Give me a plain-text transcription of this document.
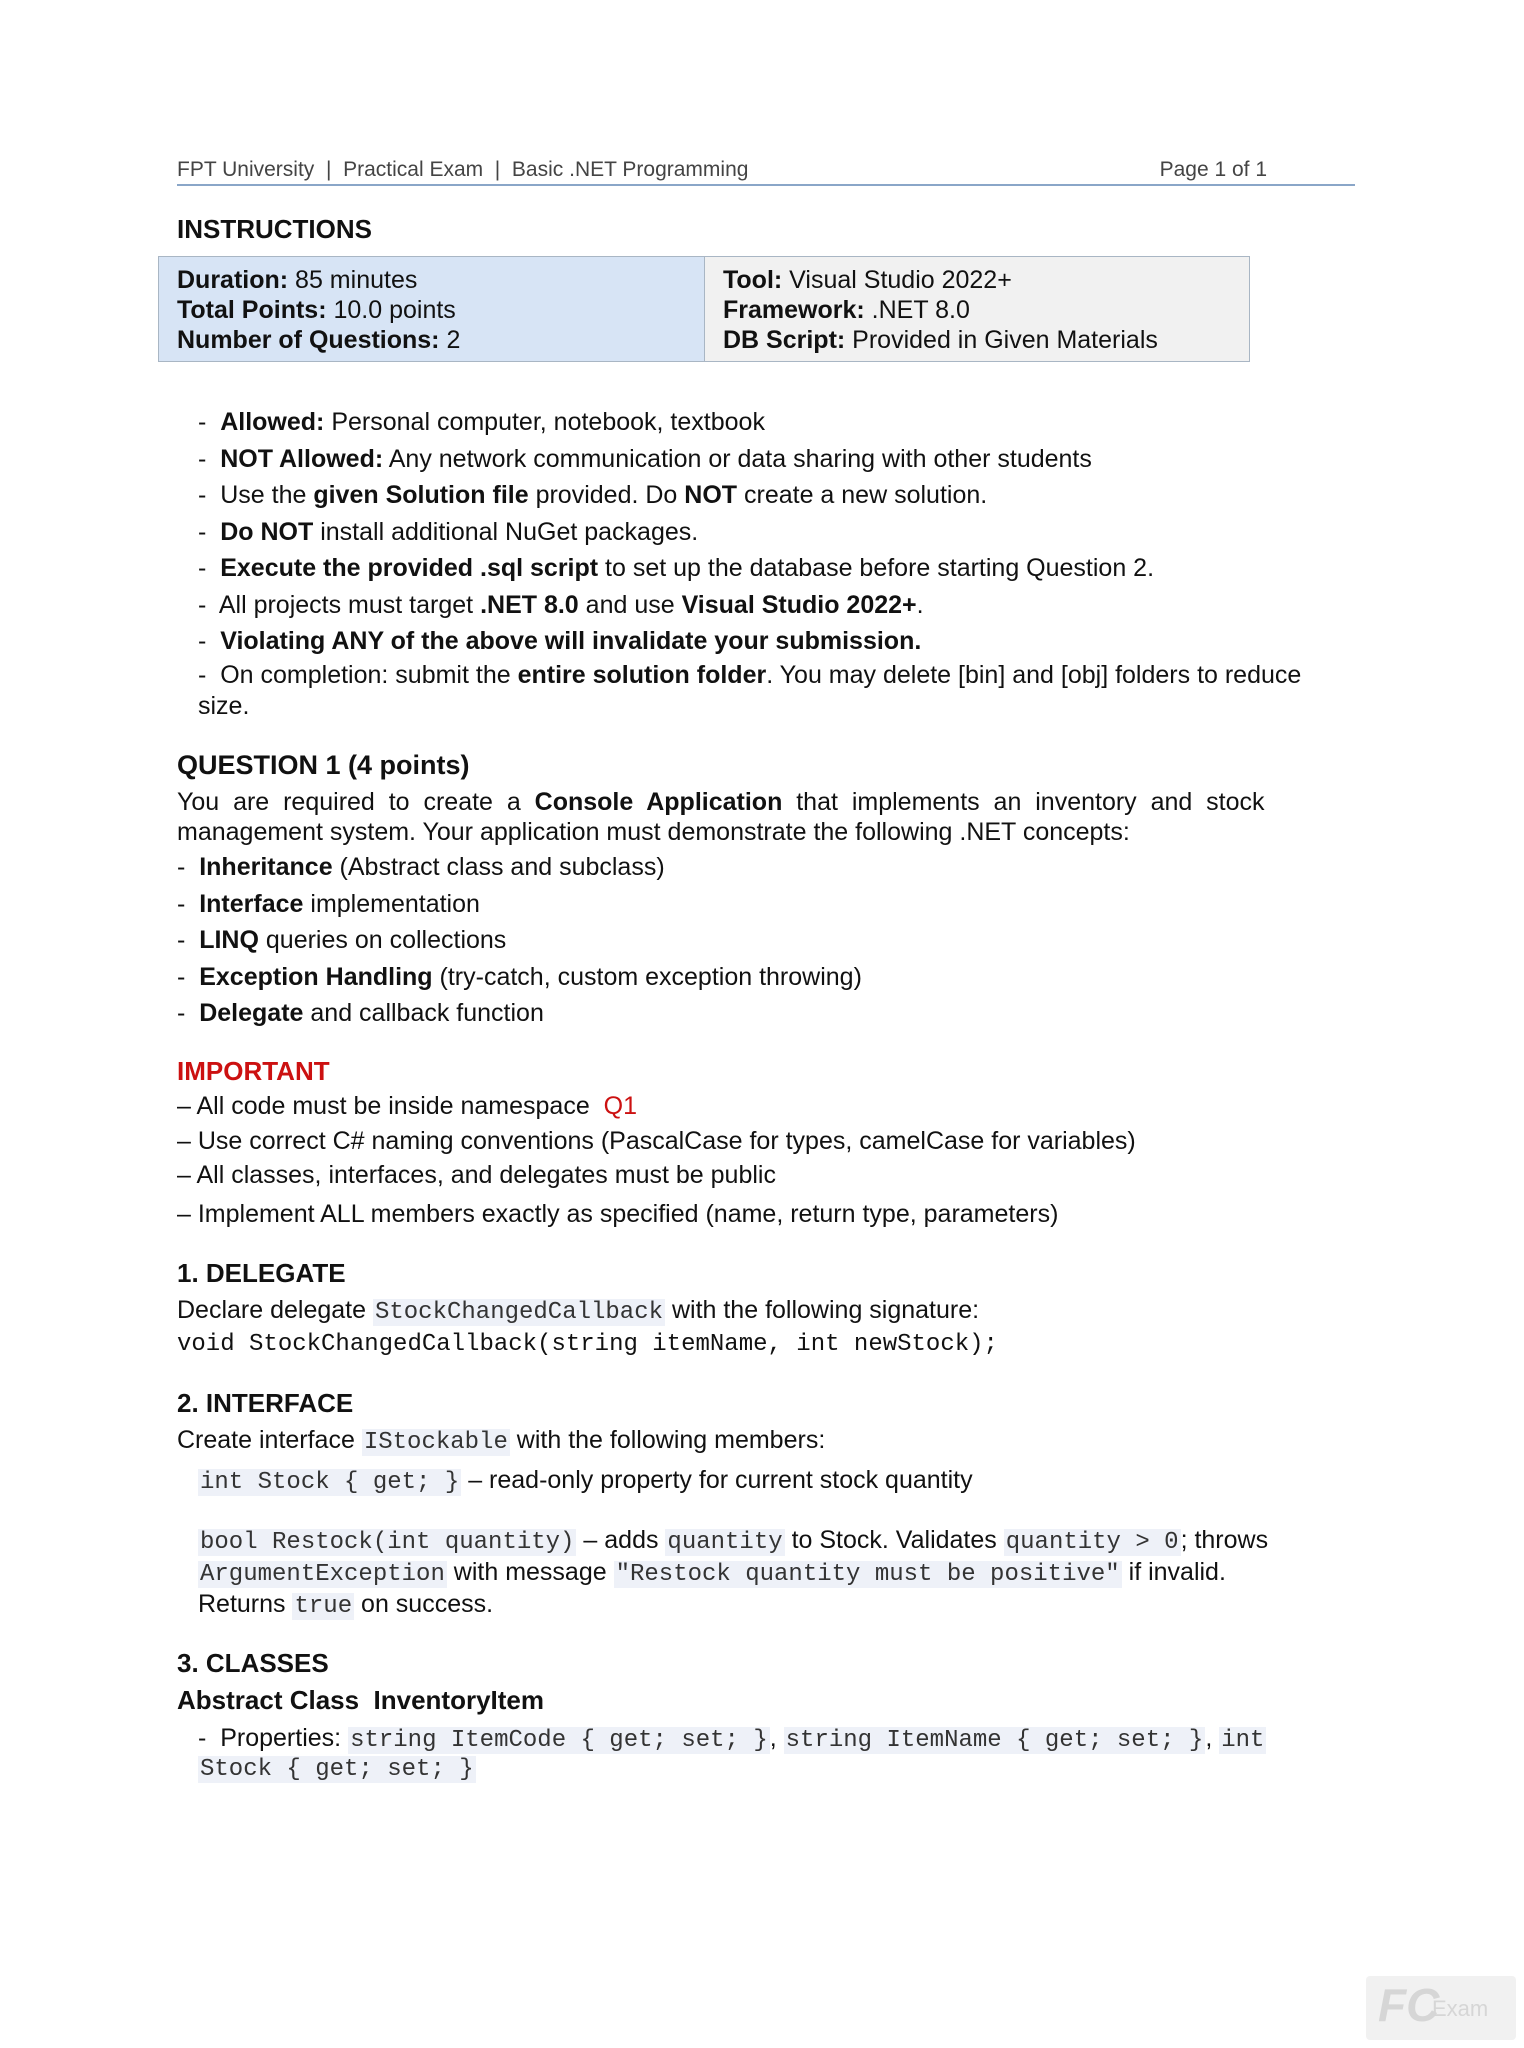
FPT University  |  Practical Exam  |  Basic .NET Programming	Page 1 of 1
INSTRUCTIONS
Duration: 85 minutes
Total Points: 10.0 points
Number of Questions: 2
Tool: Visual Studio 2022+
Framework: .NET 8.0
DB Script: Provided in Given Materials
-  Allowed: Personal computer, notebook, textbook
-  NOT Allowed: Any network communication or data sharing with other students
-  Use the given Solution file provided. Do NOT create a new solution.
-  Do NOT install additional NuGet packages.
-  Execute the provided .sql script to set up the database before starting Question 2.
-  All projects must target .NET 8.0 and use Visual Studio 2022+.
-  Violating ANY of the above will invalidate your submission.
-  On completion: submit the entire solution folder. You may delete [bin] and [obj] folders to reduce
size.
QUESTION 1 (4 points)
You  are  required  to  create  a  Console  Application  that  implements  an  inventory  and  stock
management system. Your application must demonstrate the following .NET concepts:
-  Inheritance (Abstract class and subclass)
-  Interface implementation
-  LINQ queries on collections
-  Exception Handling (try-catch, custom exception throwing)
-  Delegate and callback function
IMPORTANT
– All code must be inside namespace  Q1
– Use correct C# naming conventions (PascalCase for types, camelCase for variables)
– All classes, interfaces, and delegates must be public
– Implement ALL members exactly as specified (name, return type, parameters)
1. DELEGATE
Declare delegate StockChangedCallback with the following signature:
void StockChangedCallback(string itemName, int newStock);
2. INTERFACE
Create interface IStockable with the following members:
int Stock { get; } – read-only property for current stock quantity
bool Restock(int quantity) – adds quantity to Stock. Validates quantity > 0; throws
ArgumentException with message "Restock quantity must be positive" if invalid.
Returns true on success.
3. CLASSES
Abstract Class  InventoryItem
-  Properties: string ItemCode { get; set; }, string ItemName { get; set; }, int
Stock { get; set; }
FC
Exam
